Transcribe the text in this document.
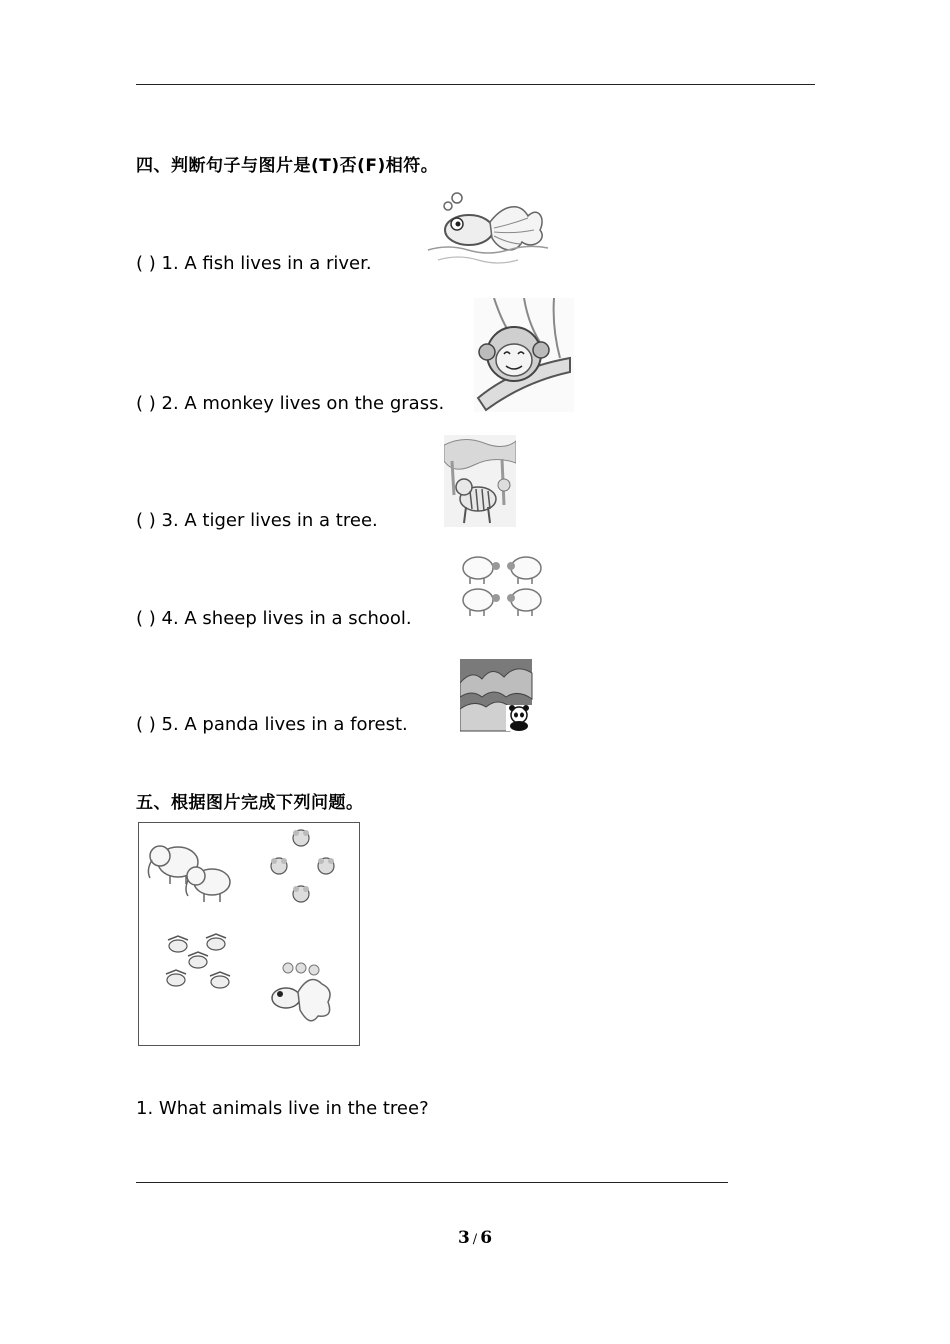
四、判断句子与图片是(T)否(F)相符。
( ) 1. A fish lives in a river.
( ) 2. A monkey lives on the grass.
( ) 3. A tiger lives in a tree.
( ) 4. A sheep lives in a school.
( ) 5. A panda lives in a forest.
五、根据图片完成下列问题。
1. What animals live in the tree?
3 / 6
